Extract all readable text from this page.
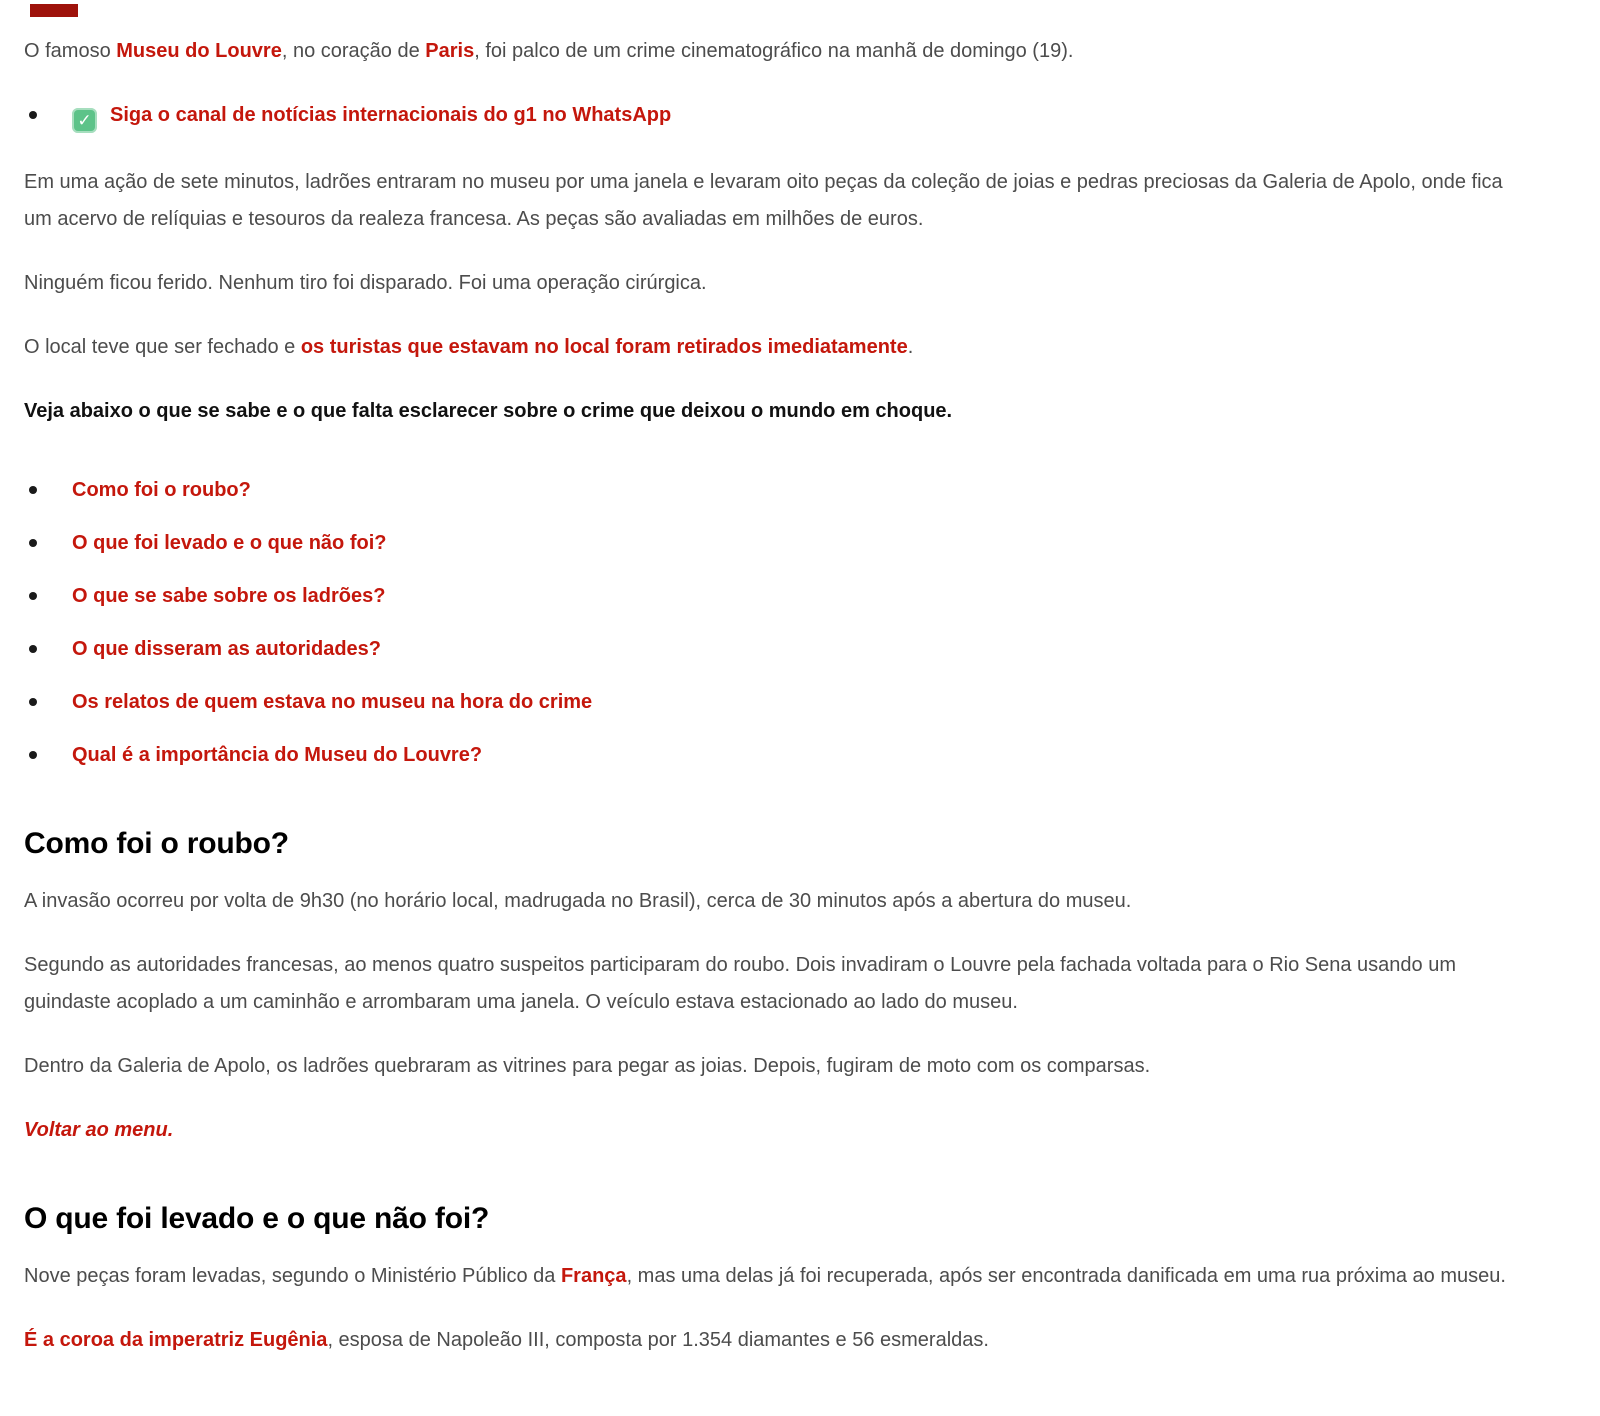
O famoso Museu do Louvre, no coração de Paris, foi palco de um crime cinematográfico na manhã de domingo (19).

✓ Siga o canal de notícias internacionais do g1 no WhatsApp

Em uma ação de sete minutos, ladrões entraram no museu por uma janela e levaram oito peças da coleção de joias e pedras preciosas da Galeria de Apolo, onde fica um acervo de relíquias e tesouros da realeza francesa. As peças são avaliadas em milhões de euros.

Ninguém ficou ferido. Nenhum tiro foi disparado. Foi uma operação cirúrgica.

O local teve que ser fechado e os turistas que estavam no local foram retirados imediatamente.

Veja abaixo o que se sabe e o que falta esclarecer sobre o crime que deixou o mundo em choque.

Como foi o roubo?
O que foi levado e o que não foi?
O que se sabe sobre os ladrões?
O que disseram as autoridades?
Os relatos de quem estava no museu na hora do crime
Qual é a importância do Museu do Louvre?
Como foi o roubo?

A invasão ocorreu por volta de 9h30 (no horário local, madrugada no Brasil), cerca de 30 minutos após a abertura do museu.

Segundo as autoridades francesas, ao menos quatro suspeitos participaram do roubo. Dois invadiram o Louvre pela fachada voltada para o Rio Sena usando um guindaste acoplado a um caminhão e arrombaram uma janela. O veículo estava estacionado ao lado do museu.

Dentro da Galeria de Apolo, os ladrões quebraram as vitrines para pegar as joias. Depois, fugiram de moto com os comparsas.

Voltar ao menu.

O que foi levado e o que não foi?

Nove peças foram levadas, segundo o Ministério Público da França, mas uma delas já foi recuperada, após ser encontrada danificada em uma rua próxima ao museu.

É a coroa da imperatriz Eugênia, esposa de Napoleão III, composta por 1.354 diamantes e 56 esmeraldas.
